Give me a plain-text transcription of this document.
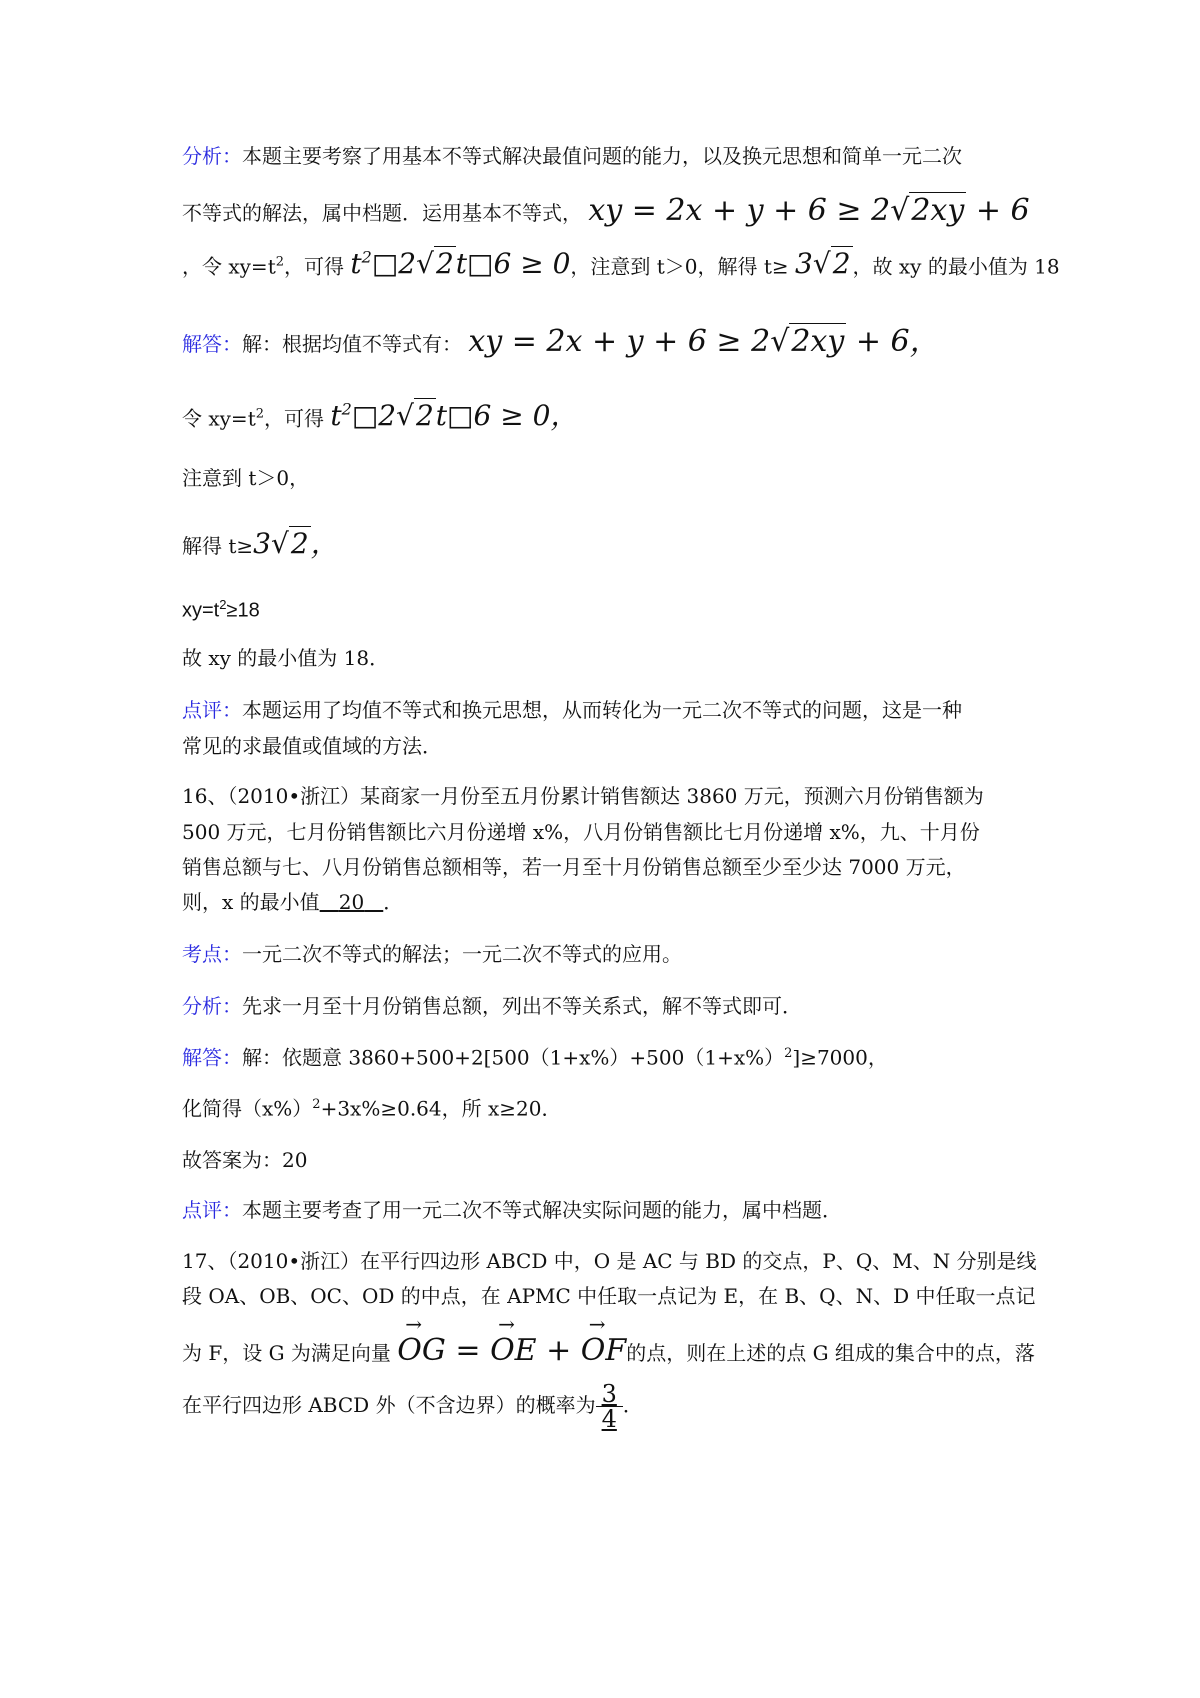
分析：本题主要考察了用基本不等式解决最值问题的能力，以及换元思想和简单一元二次
不等式的解法，属中档题．运用基本不等式， xy = 2x + y + 6 ≥ 2√2xy + 6
，令 $xy=t^2$，可得 $t^2□2√2t□6 \ge 0$，注意到 t＞0，解得 t≥ 3√2 ，故 xy 的最小值为 18
解答：解：根据均值不等式有： xy = 2x + y + 6 ≥ 2√2xy + 6，
令 $xy=t^2$，可得 $t^2□2√2t□6 \ge 0$，
注意到 t＞0，
解得 t≥3√2，
$xy=t^2\ge 18$
故 xy 的最小值为 18．
点评：本题运用了均值不等式和换元思想，从而转化为一元二次不等式的问题，这是一种
常见的求最值或值域的方法．
16、（2010•浙江）某商家一月份至五月份累计销售额达 3860 万元，预测六月份销售额为
500 万元，七月份销售额比六月份递增 x%，八月份销售额比七月份递增 x%，九、十月份
销售总额与七、八月份销售总额相等，若一月至十月份销售总额至少至少达 7000 万元，
则，x 的最小值 20 ．
考点：一元二次不等式的解法；一元二次不等式的应用。
分析：先求一月至十月份销售总额，列出不等关系式，解不等式即可．
解答：解：依题意 $3860+500+2[500(1+x\%)+500(1+x\%)^2]\ge 7000$，
化简得$(x\%)^2+3x\%\ge 0.64$，所 x≥20．
故答案为：20
点评：本题主要考查了用一元二次不等式解决实际问题的能力，属中档题．
17、（2010•浙江）在平行四边形 ABCD 中，O 是 AC 与 BD 的交点，P、Q、M、N 分别是线
段 OA、OB、OC、OD 的中点，在 APMC 中任取一点记为 E，在 B、Q、N、D 中任取一点记
为 F，设 G 为满足向量
→
OG =
→
OE +
→
OF的点，则在上述的点 G 组成的集合中的点，落
在平行四边形 ABCD 外（不含边界）的概率为 $\frac{3}{4}$ ．
